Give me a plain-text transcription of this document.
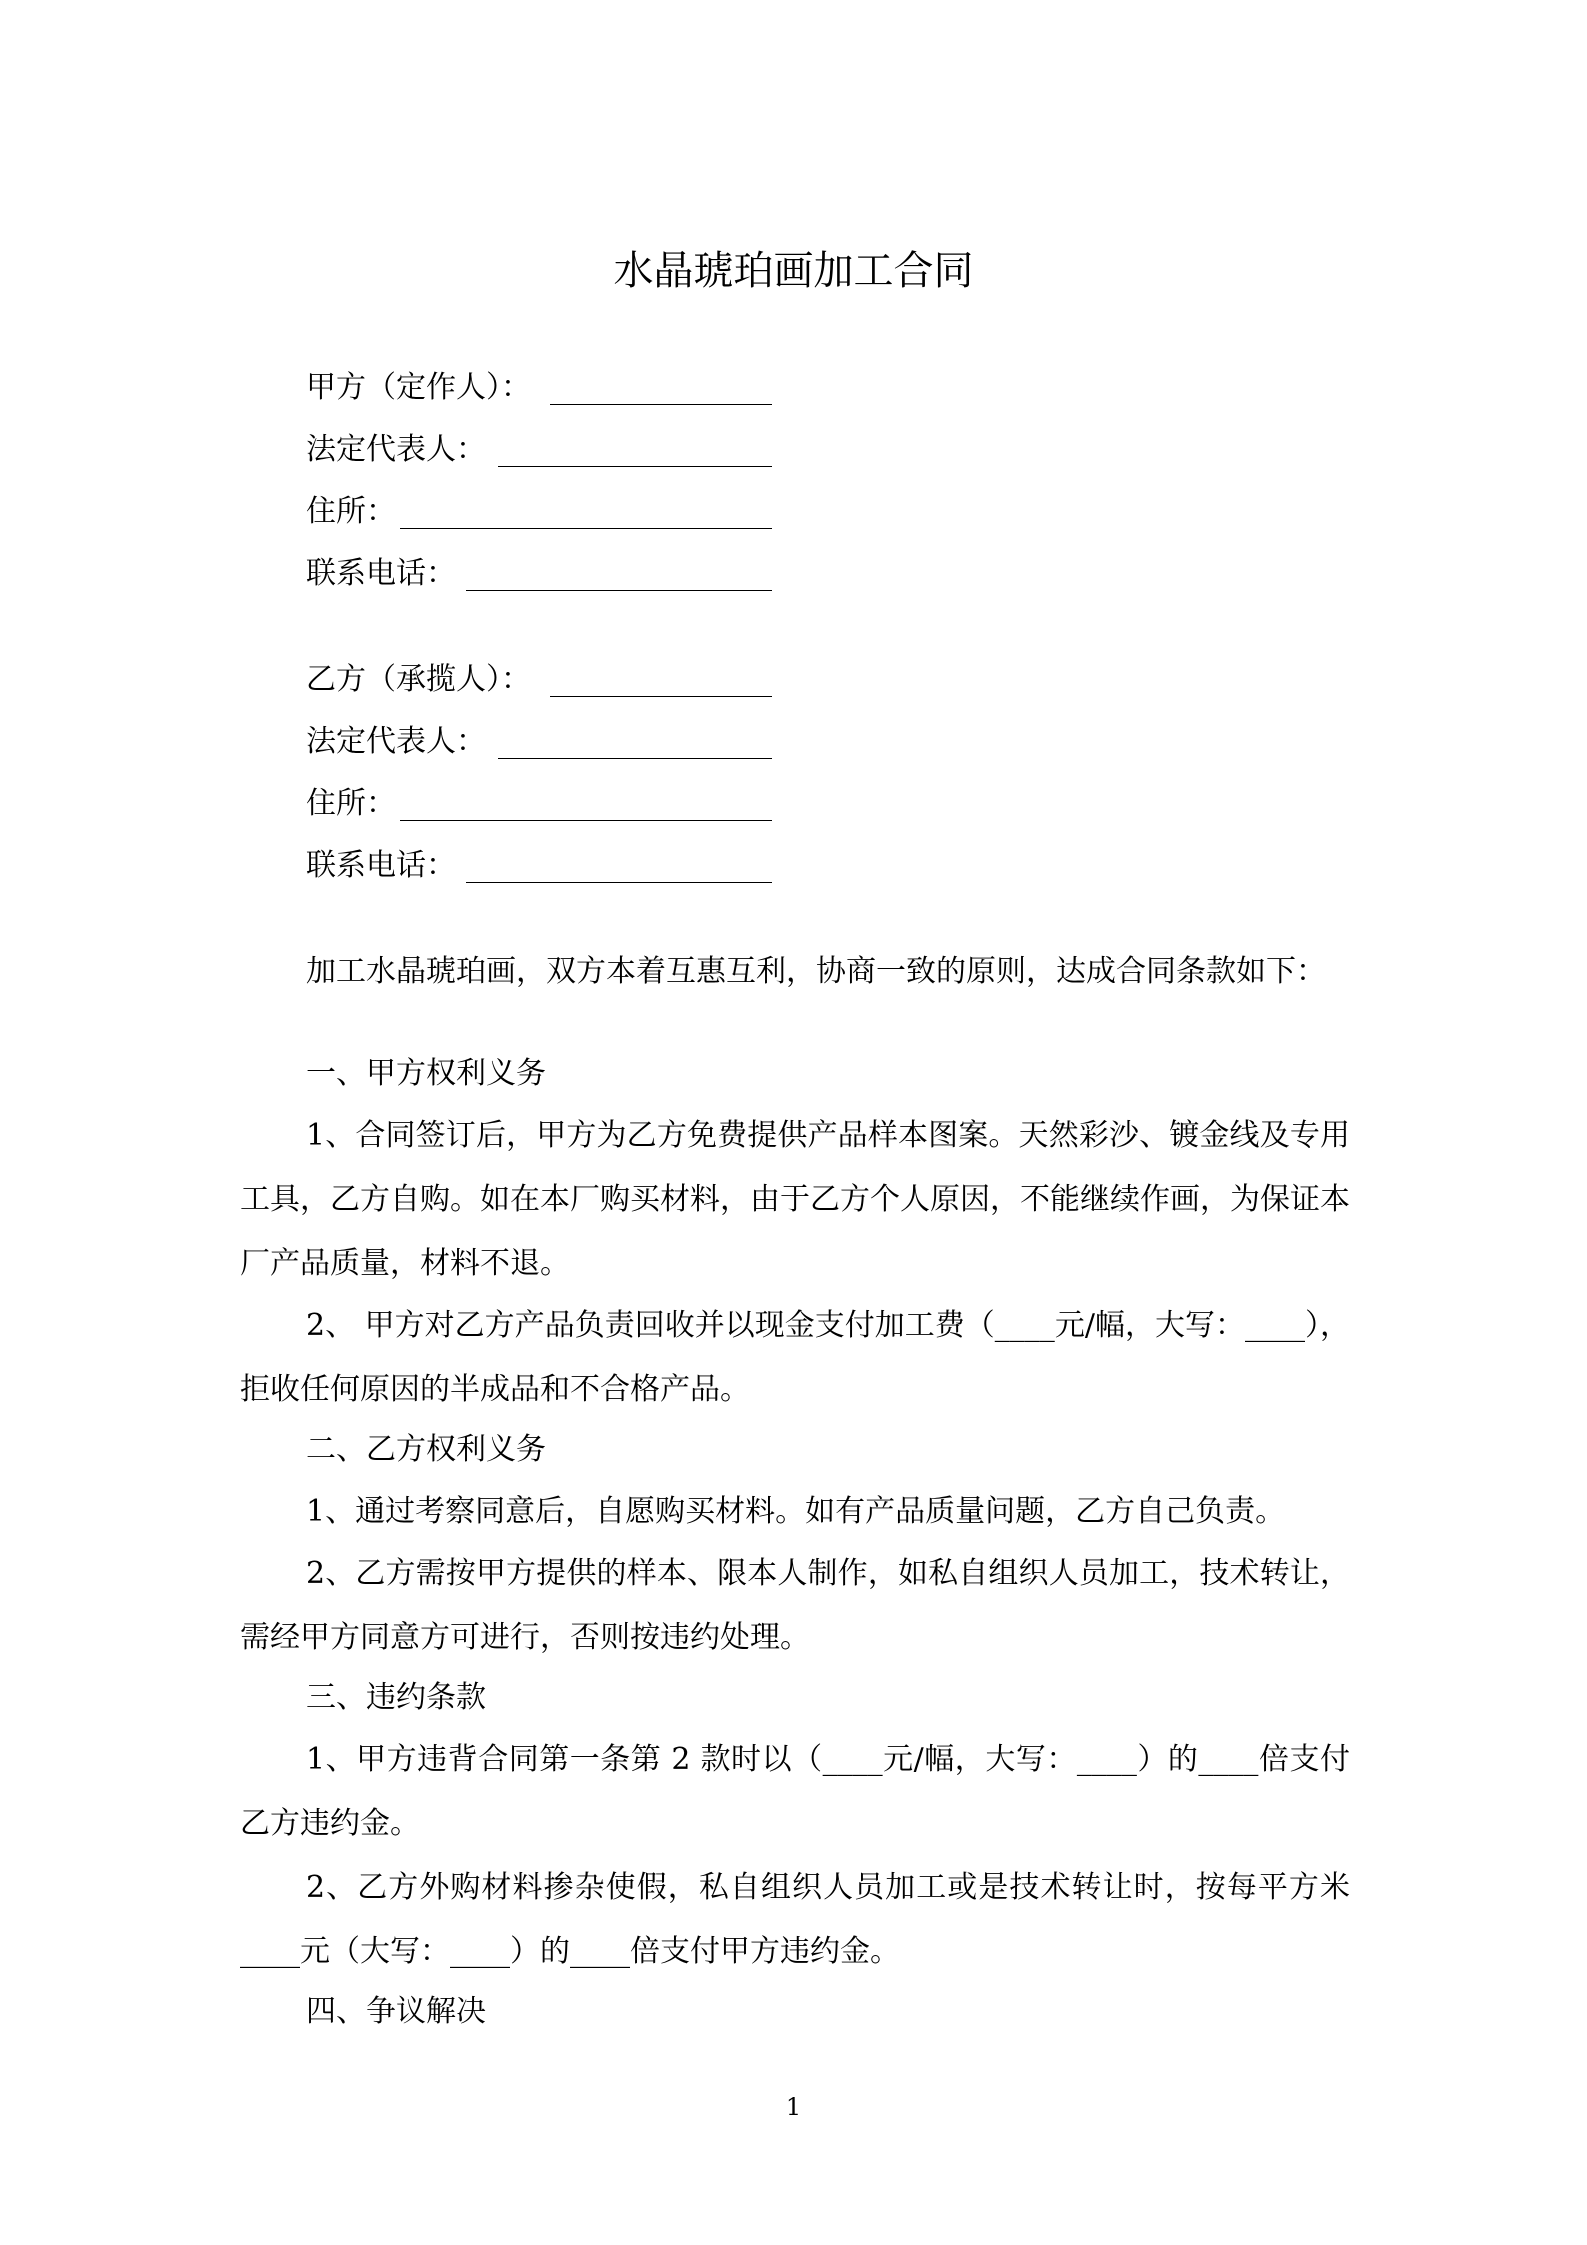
水晶琥珀画加工合同
甲方（定作人）：
法定代表人：
住所：
联系电话：
乙方（承揽人）：
法定代表人：
住所：
联系电话：
加工水晶琥珀画，双方本着互惠互利，协商一致的原则，达成合同条款如下：
一、甲方权利义务
1、合同签订后，甲方为乙方免费提供产品样本图案。天然彩沙、镀金线及专用工具，乙方自购。如在本厂购买材料，由于乙方个人原因，不能继续作画，为保证本厂产品质量，材料不退。
2、 甲方对乙方产品负责回收并以现金支付加工费（____元/幅，大写：____），拒收任何原因的半成品和不合格产品。
二、乙方权利义务
1、通过考察同意后，自愿购买材料。如有产品质量问题，乙方自己负责。
2、乙方需按甲方提供的样本、限本人制作，如私自组织人员加工，技术转让，需经甲方同意方可进行，否则按违约处理。
三、违约条款
1、甲方违背合同第一条第 2 款时以（____元/幅，大写：____）的____倍支付乙方违约金。
2、乙方外购材料掺杂使假，私自组织人员加工或是技术转让时，按每平方米____元（大写：____）的____倍支付甲方违约金。
四、争议解决
1
